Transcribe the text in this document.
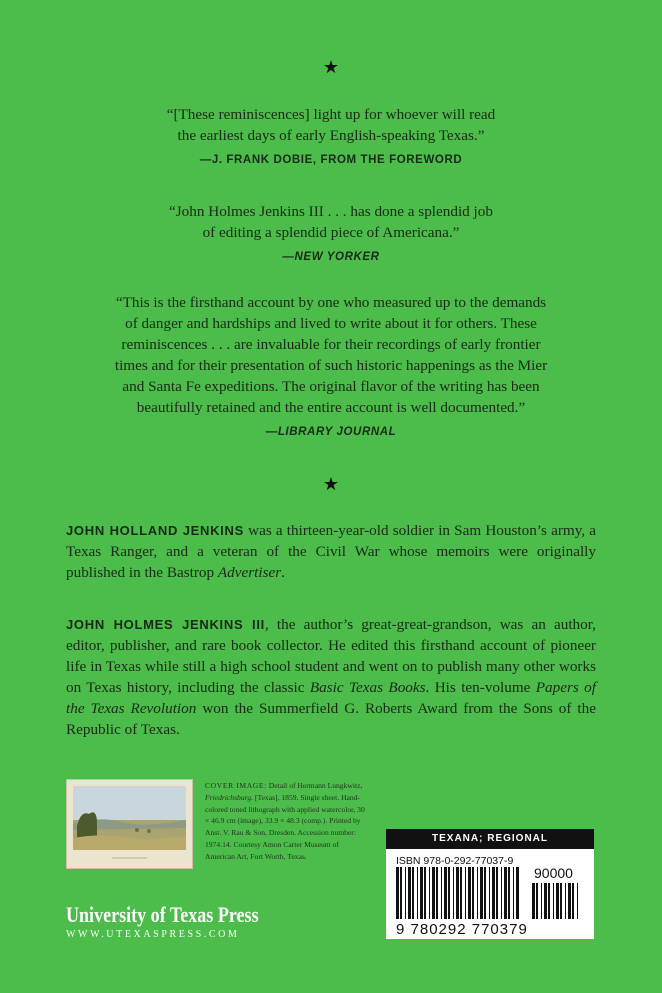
★
“[These reminiscences] light up for whoever will read
the earliest days of early English-speaking Texas.”
—J. FRANK DOBIE, FROM THE FOREWORD
“John Holmes Jenkins III . . . has done a splendid job
of editing a splendid piece of Americana.”
—NEW YORKER
“This is the firsthand account by one who measured up to the demands
of danger and hardships and lived to write about it for others. These
reminiscences . . . are invaluable for their recordings of early frontier
times and for their presentation of such historic happenings as the Mier
and Santa Fe expeditions. The original flavor of the writing has been
beautifully retained and the entire account is well documented.”
—LIBRARY JOURNAL
★
JOHN HOLLAND JENKINS was a thirteen-year-old soldier in Sam Houston’s army, a Texas Ranger, and a veteran of the Civil War whose memoirs were originally published in the Bastrop Advertiser.
JOHN HOLMES JENKINS III, the author’s great-great-grandson, was an author, editor, publisher, and rare book collector. He edited this firsthand account of pioneer life in Texas while still a high school student and went on to publish many other works on Texas history, including the classic Basic Texas Books. His ten-volume Papers of the Texas Revolution won the Summerfield G. Roberts Award from the Sons of the Republic of Texas.
COVER IMAGE: Detail of Hermann Lungkwitz, Friedrichsburg. [Texas], 1859. Single sheet. Hand-colored toned lithograph with applied watercolor, 30 × 46.9 cm (image), 33.9 × 48.3 (comp.). Printed by Anst. V. Rau & Son, Dresden. Accession number: 1974.14. Courtesy Amon Carter Museum of American Art, Fort Worth, Texas.
TEXANA; REGIONAL
ISBN 978-0-292-77037-9
90000
9 780292 770379
University of Texas Press
WWW.UTEXASPRESS.COM
